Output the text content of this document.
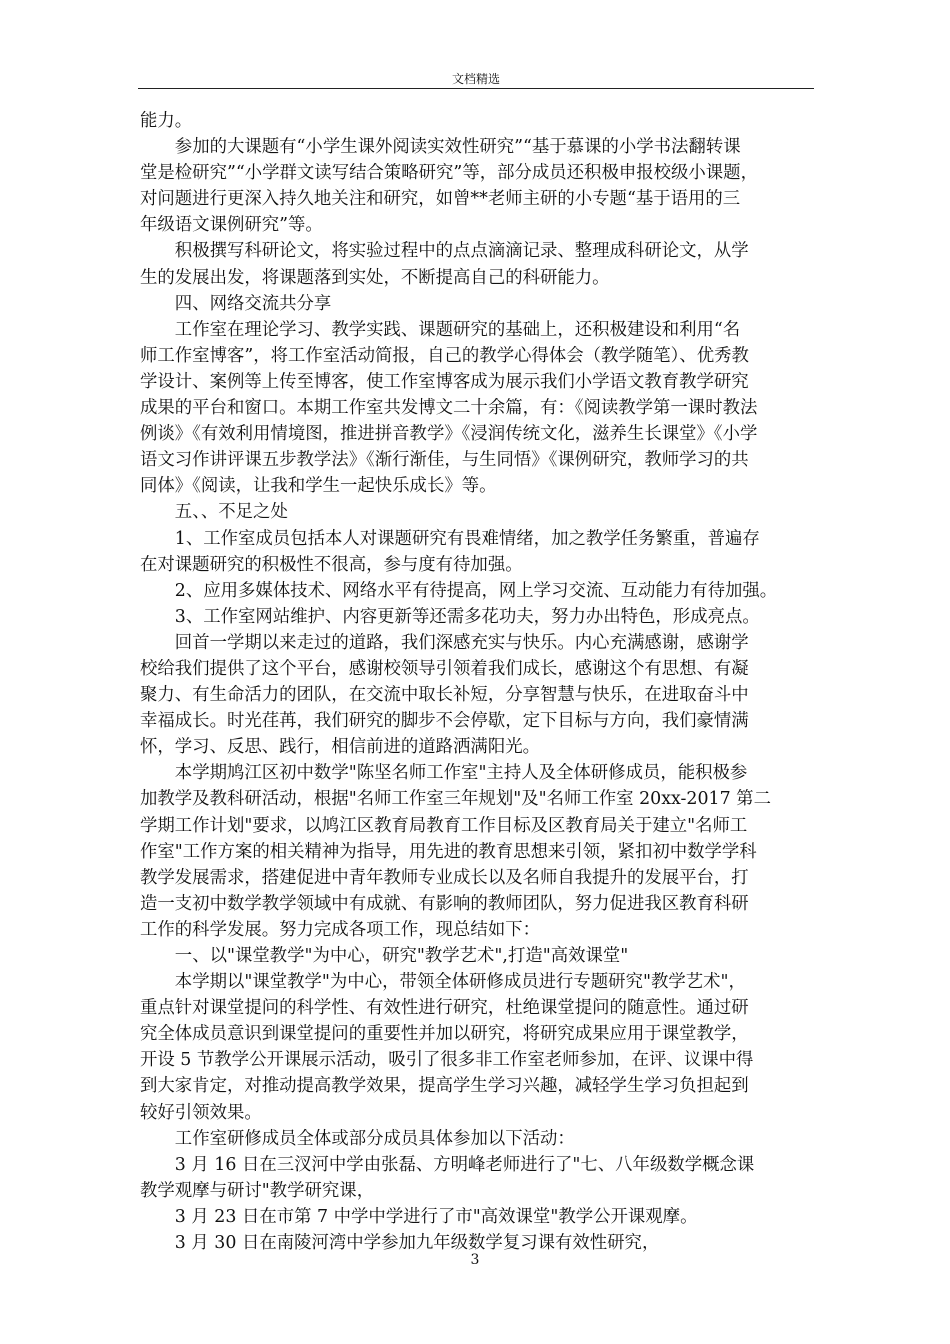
文档精选

能力。

参加的大课题有“小学生课外阅读实效性研究”“基于慕课的小学书法翻转课

堂是检研究”“小学群文读写结合策略研究”等，部分成员还积极申报校级小课题，

对问题进行更深入持久地关注和研究，如曾**老师主研的小专题“基于语用的三

年级语文课例研究”等。

积极撰写科研论文，将实验过程中的点点滴滴记录、整理成科研论文，从学

生的发展出发，将课题落到实处，不断提高自己的科研能力。

四、网络交流共分享

工作室在理论学习、教学实践、课题研究的基础上，还积极建设和利用“名

师工作室博客”，将工作室活动简报，自己的教学心得体会（教学随笔）、优秀教

学设计、案例等上传至博客，使工作室博客成为展示我们小学语文教育教学研究

成果的平台和窗口。本期工作室共发博文二十余篇，有：《阅读教学第一课时教法

例谈》《有效利用情境图，推进拼音教学》《浸润传统文化，滋养生长课堂》《小学

语文习作讲评课五步教学法》《渐行渐佳，与生同悟》《课例研究，教师学习的共

同体》《阅读，让我和学生一起快乐成长》等。

五、、不足之处

1、工作室成员包括本人对课题研究有畏难情绪，加之教学任务繁重，普遍存

在对课题研究的积极性不很高，参与度有待加强。

2、应用多媒体技术、网络水平有待提高，网上学习交流、互动能力有待加强。

3、工作室网站维护、内容更新等还需多花功夫，努力办出特色，形成亮点。

回首一学期以来走过的道路，我们深感充实与快乐。内心充满感谢，感谢学

校给我们提供了这个平台，感谢校领导引领着我们成长，感谢这个有思想、有凝

聚力、有生命活力的团队，在交流中取长补短，分享智慧与快乐，在进取奋斗中

幸福成长。时光荏苒，我们研究的脚步不会停歇，定下目标与方向，我们豪情满

怀，学习、反思、践行，相信前进的道路洒满阳光。

本学期鸠江区初中数学"陈坚名师工作室"主持人及全体研修成员，能积极参

加教学及教科研活动，根据"名师工作室三年规划"及"名师工作室 20xx-2017 第二

学期工作计划"要求，以鸠江区教育局教育工作目标及区教育局关于建立"名师工

作室"工作方案的相关精神为指导，用先进的教育思想来引领，紧扣初中数学学科

教学发展需求，搭建促进中青年教师专业成长以及名师自我提升的发展平台，打

造一支初中数学教学领域中有成就、有影响的教师团队，努力促进我区教育科研

工作的科学发展。努力完成各项工作，现总结如下：

一、以"课堂教学"为中心，研究"教学艺术",打造"高效课堂"

本学期以"课堂教学"为中心，带领全体研修成员进行专题研究"教学艺术"，

重点针对课堂提问的科学性、有效性进行研究，杜绝课堂提问的随意性。通过研

究全体成员意识到课堂提问的重要性并加以研究，将研究成果应用于课堂教学，

开设 5 节教学公开课展示活动，吸引了很多非工作室老师参加，在评、议课中得

到大家肯定，对推动提高教学效果，提高学生学习兴趣，减轻学生学习负担起到

较好引领效果。

工作室研修成员全体或部分成员具体参加以下活动：

3 月 16 日在三汊河中学由张磊、方明峰老师进行了"七、八年级数学概念课

教学观摩与研讨"教学研究课，

3 月 23 日在市第 7 中学中学进行了市"高效课堂"教学公开课观摩。

3 月 30 日在南陵河湾中学参加九年级数学复习课有效性研究，

3
